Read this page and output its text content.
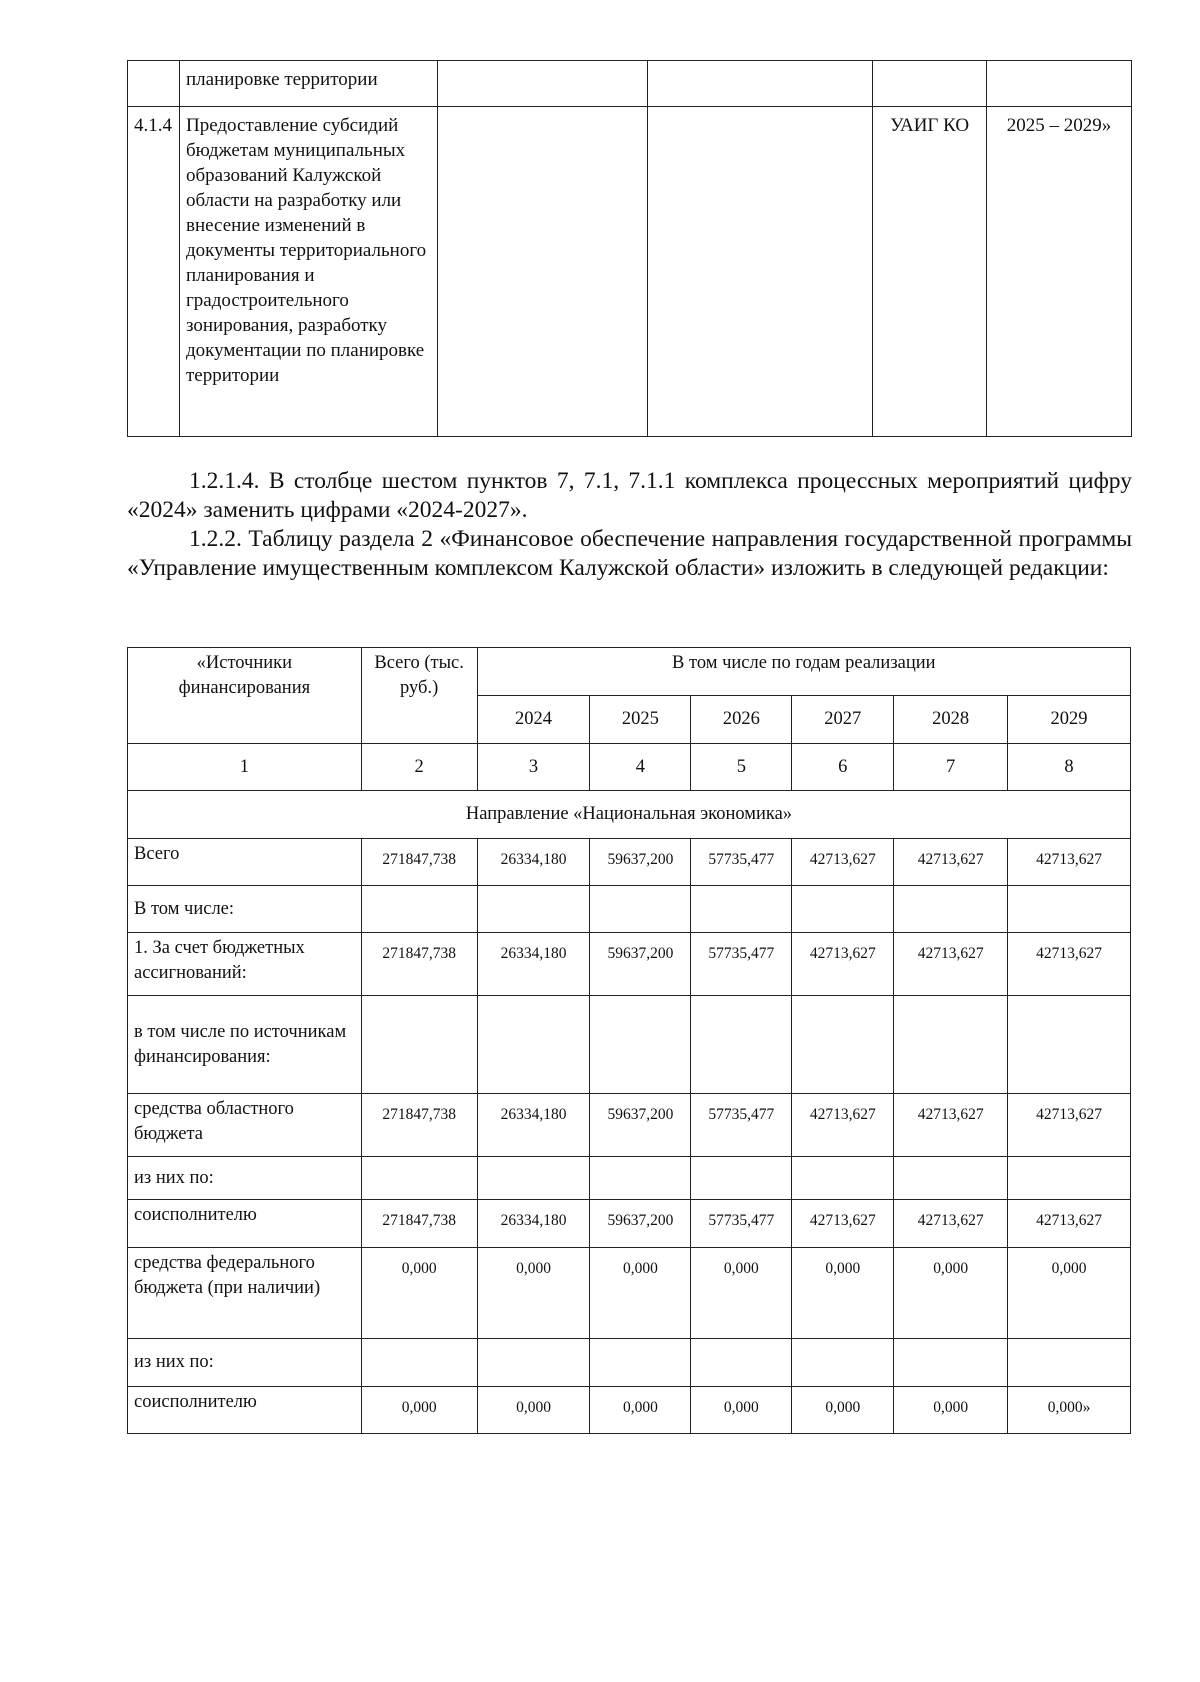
	планировке территории				
4.1.4	Предоставление субсидий бюджетам муниципальных образований Калужской области на разработку или внесение изменений в документы территориального планирования и градостроительного зонирования, разработку документации по планировке территории			УАИГ КО	2025 – 2029»

1.2.1.4. В столбце шестом пунктов 7, 7.1, 7.1.1 комплекса процессных мероприятий цифру «2024» заменить цифрами «2024-2027».

1.2.2. Таблицу раздела 2 «Финансовое обеспечение направления государственной программы «Управление имущественным комплексом Калужской области» изложить в следующей редакции:

«Источники финансирования	Всего (тыс. руб.)	В том числе по годам реализации					
		2024	2025	2026	2027	2028	2029
1	2	3	4	5	6	7	8
Направление «Национальная экономика»							
Всего	271847,738	26334,180	59637,200	57735,477	42713,627	42713,627	42713,627
В том числе:							
1. За счет бюджетных ассигнований:	271847,738	26334,180	59637,200	57735,477	42713,627	42713,627	42713,627
в том числе по источникам финансирования:							
средства областного бюджета	271847,738	26334,180	59637,200	57735,477	42713,627	42713,627	42713,627
из них по:							
соисполнителю	271847,738	26334,180	59637,200	57735,477	42713,627	42713,627	42713,627
средства федерального бюджета (при наличии)	0,000	0,000	0,000	0,000	0,000	0,000	0,000
из них по:							
соисполнителю	0,000	0,000	0,000	0,000	0,000	0,000	0,000»
